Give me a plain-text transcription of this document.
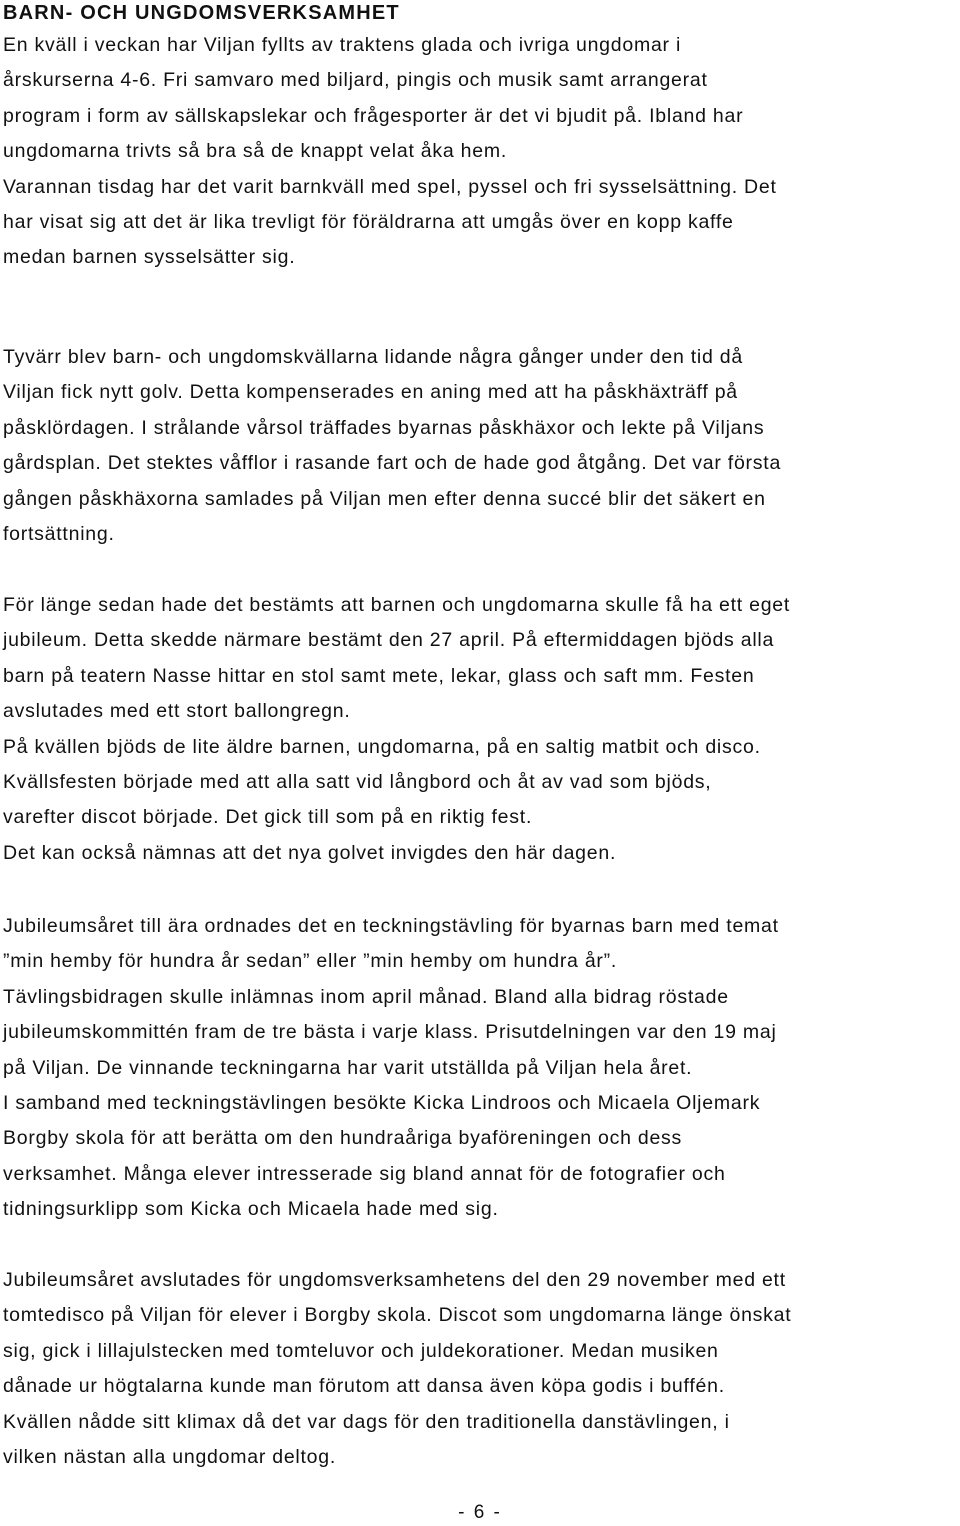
BARN- OCH UNGDOMSVERKSAMHET
En kväll i veckan har Viljan fyllts av traktens glada och ivriga ungdomar i
årskurserna 4-6. Fri samvaro med biljard, pingis och musik samt arrangerat
program i form av sällskapslekar och frågesporter är det vi bjudit på. Ibland har
ungdomarna trivts så bra så de knappt velat åka hem.
Varannan tisdag har det varit barnkväll med spel, pyssel och fri sysselsättning. Det
har visat sig att det är lika trevligt för föräldrarna att umgås över en kopp kaffe
medan barnen sysselsätter sig.
Tyvärr blev barn- och ungdomskvällarna lidande några gånger under den tid då
Viljan fick nytt golv. Detta kompenserades en aning med att ha påskhäxträff på
påsklördagen. I strålande vårsol träffades byarnas påskhäxor och lekte på Viljans
gårdsplan. Det stektes våfflor i rasande fart och de hade god åtgång. Det var första
gången påskhäxorna samlades på Viljan men efter denna succé blir det säkert en
fortsättning.
För länge sedan hade det bestämts att barnen och ungdomarna skulle få ha ett eget
jubileum. Detta skedde närmare bestämt den 27 april. På eftermiddagen bjöds alla
barn på teatern Nasse hittar en stol samt mete, lekar, glass och saft mm. Festen
avslutades med ett stort ballongregn.
På kvällen bjöds de lite äldre barnen, ungdomarna, på en saltig matbit och disco.
Kvällsfesten började med att alla satt vid långbord och åt av vad som bjöds,
varefter discot började. Det gick till som på en riktig fest.
Det kan också nämnas att det nya golvet invigdes den här dagen.
Jubileumsåret till ära ordnades det en teckningstävling för byarnas barn med temat
”min hemby för hundra år sedan” eller ”min hemby om hundra år”.
Tävlingsbidragen skulle inlämnas inom april månad. Bland alla bidrag röstade
jubileumskommittén fram de tre bästa i varje klass. Prisutdelningen var den 19 maj
på Viljan. De vinnande teckningarna har varit utställda på Viljan hela året.
I samband med teckningstävlingen besökte Kicka Lindroos och Micaela Oljemark
Borgby skola för att berätta om den hundraåriga byaföreningen och dess
verksamhet. Många elever intresserade sig bland annat för de fotografier och
tidningsurklipp som Kicka och Micaela hade med sig.
Jubileumsåret avslutades för ungdomsverksamhetens del den 29 november med ett
tomtedisco på Viljan för elever i Borgby skola. Discot som ungdomarna länge önskat
sig, gick i lillajulstecken med tomteluvor och juldekorationer. Medan musiken
dånade ur högtalarna kunde man förutom att dansa även köpa godis i buffén.
Kvällen nådde sitt klimax då det var dags för den traditionella danstävlingen, i
vilken nästan alla ungdomar deltog.
- 6 -
